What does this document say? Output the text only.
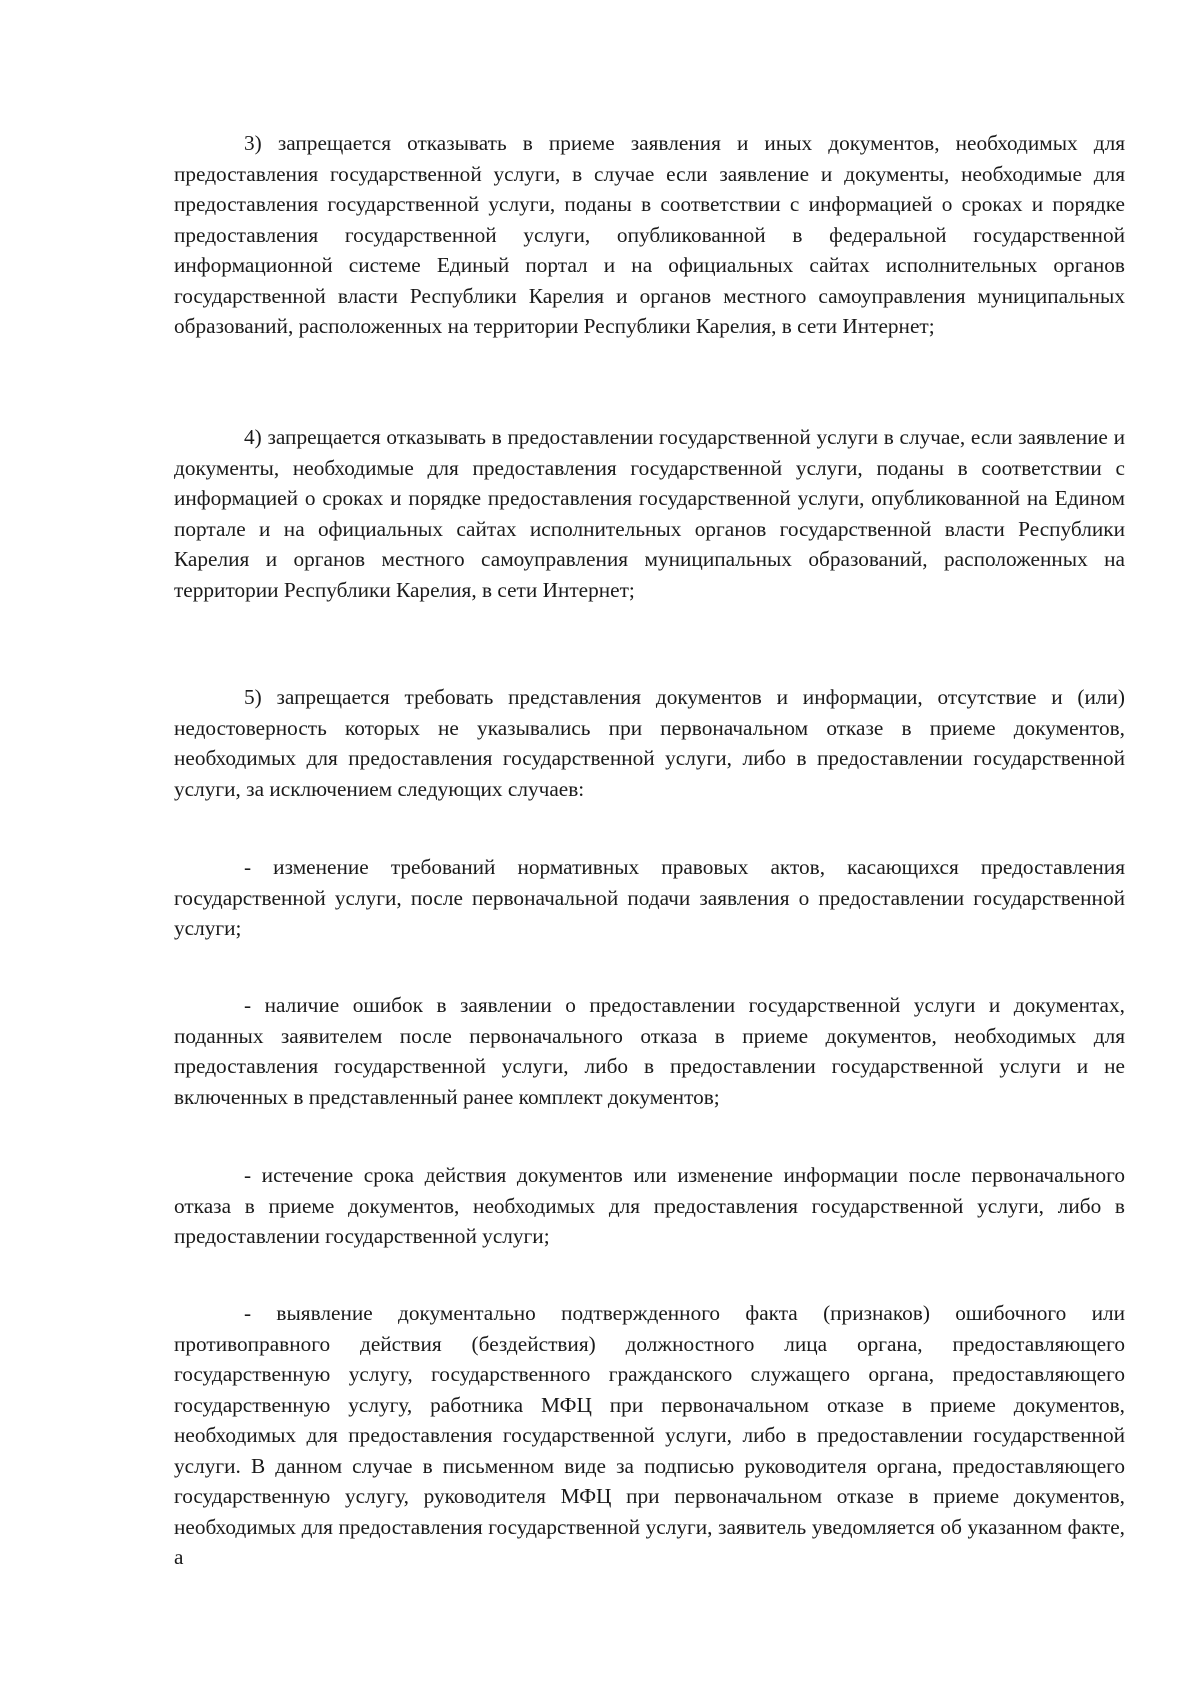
3) запрещается отказывать в приеме заявления и иных документов, необходимых для предоставления государственной услуги, в случае если заявление и документы, необходимые для предоставления государственной услуги, поданы в соответствии с информацией о сроках и порядке предоставления государственной услуги, опубликованной в федеральной государственной информационной системе Единый портал и на официальных сайтах исполнительных органов государственной власти Республики Карелия и органов местного самоуправления муниципальных образований, расположенных на территории Республики Карелия, в сети Интернет;

4) запрещается отказывать в предоставлении государственной услуги в случае, если заявление и документы, необходимые для предоставления государственной услуги, поданы в соответствии с информацией о сроках и порядке предоставления государственной услуги, опубликованной на Едином портале и на официальных сайтах исполнительных органов государственной власти Республики Карелия и органов местного самоуправления муниципальных образований, расположенных на территории Республики Карелия, в сети Интернет;

5) запрещается требовать представления документов и информации, отсутствие и (или) недостоверность которых не указывались при первоначальном отказе в приеме документов, необходимых для предоставления государственной услуги, либо в предоставлении государственной услуги, за исключением следующих случаев:

- изменение требований нормативных правовых актов, касающихся предоставления государственной услуги, после первоначальной подачи заявления о предоставлении государственной услуги;

- наличие ошибок в заявлении о предоставлении государственной услуги и документах, поданных заявителем после первоначального отказа в приеме документов, необходимых для предоставления государственной услуги, либо в предоставлении государственной услуги и не включенных в представленный ранее комплект документов;

- истечение срока действия документов или изменение информации после первоначального отказа в приеме документов, необходимых для предоставления государственной услуги, либо в предоставлении государственной услуги;

- выявление документально подтвержденного факта (признаков) ошибочного или противоправного действия (бездействия) должностного лица органа, предоставляющего государственную услугу, государственного гражданского служащего органа, предоставляющего государственную услугу, работника МФЦ при первоначальном отказе в приеме документов, необходимых для предоставления государственной услуги, либо в предоставлении государственной услуги. В данном случае в письменном виде за подписью руководителя органа, предоставляющего государственную услугу, руководителя МФЦ при первоначальном отказе в приеме документов, необходимых для предоставления государственной услуги, заявитель уведомляется об указанном факте, а
